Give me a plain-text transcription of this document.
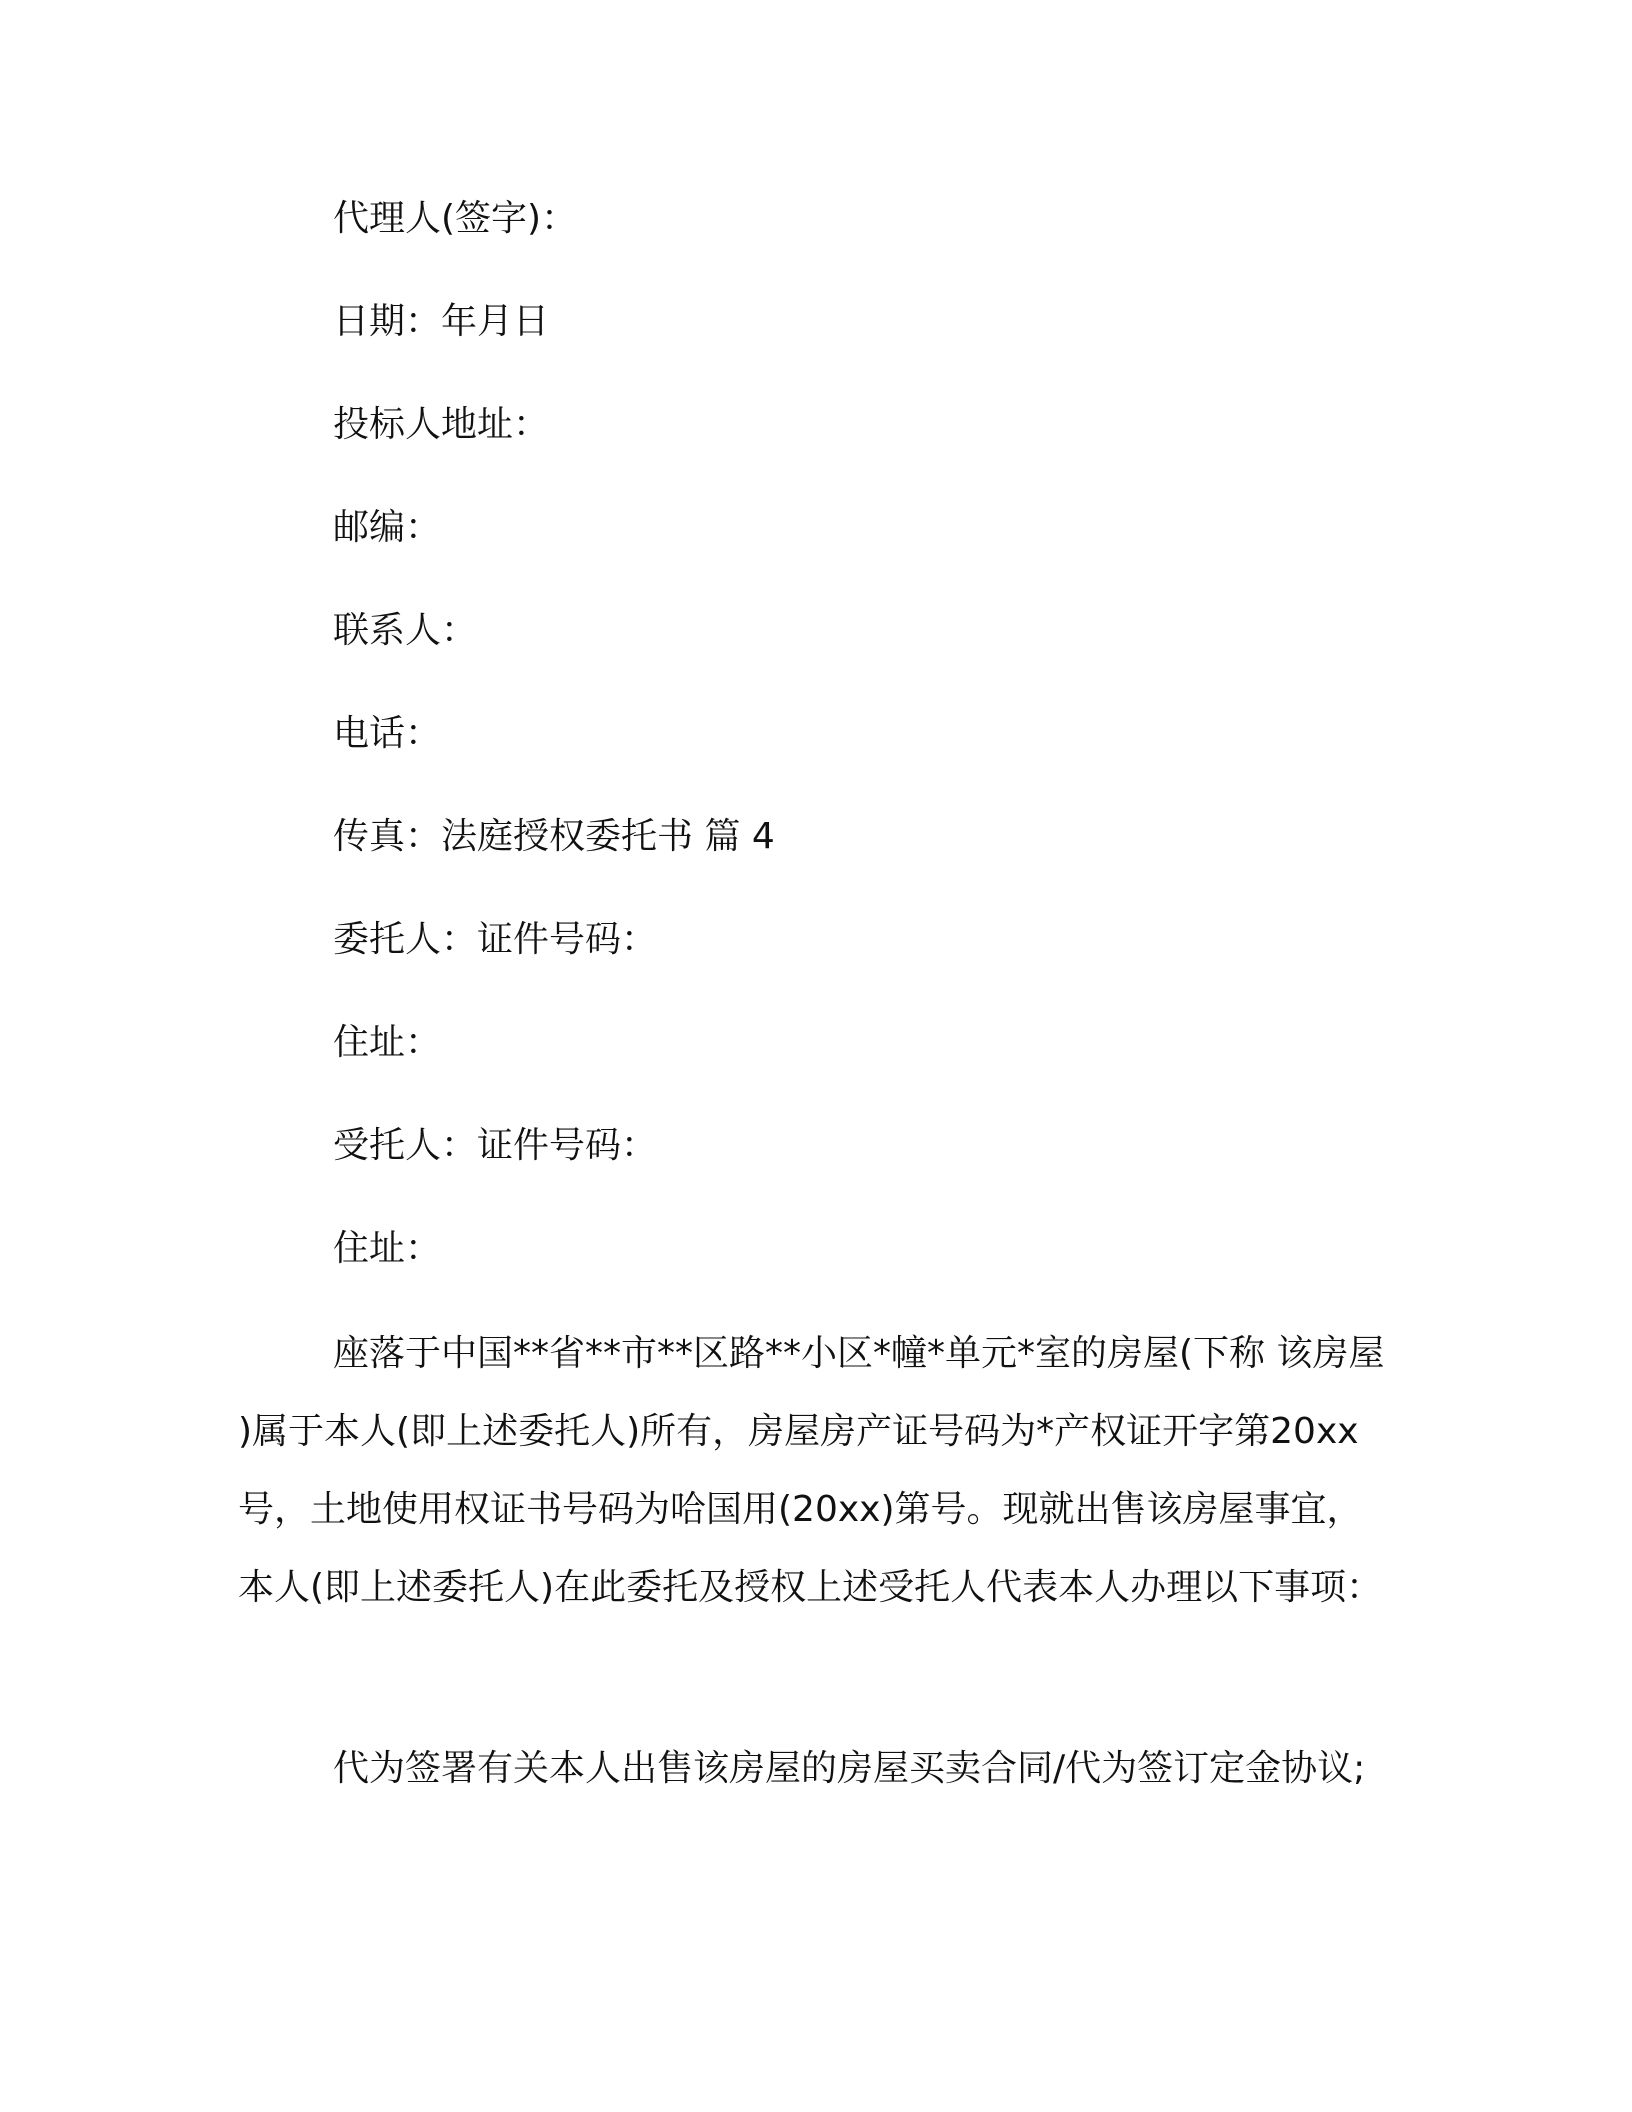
代理人(签字)：
日期：年月日
投标人地址：
邮编：
联系人：
电话：
传真：法庭授权委托书 篇 4
委托人：证件号码：
住址：
受托人：证件号码：
住址：
座落于中国**省**市**区路**小区*幢*单元*室的房屋(下称 该房屋 )属于本人(即上述委托人)所有，房屋房产证号码为*产权证开字第20xx 号，土地使用权证书号码为哈国用(20xx)第号。现就出售该房屋事宜，本人(即上述委托人)在此委托及授权上述受托人代表本人办理以下事项：
代为签署有关本人出售该房屋的房屋买卖合同/代为签订定金协议;
